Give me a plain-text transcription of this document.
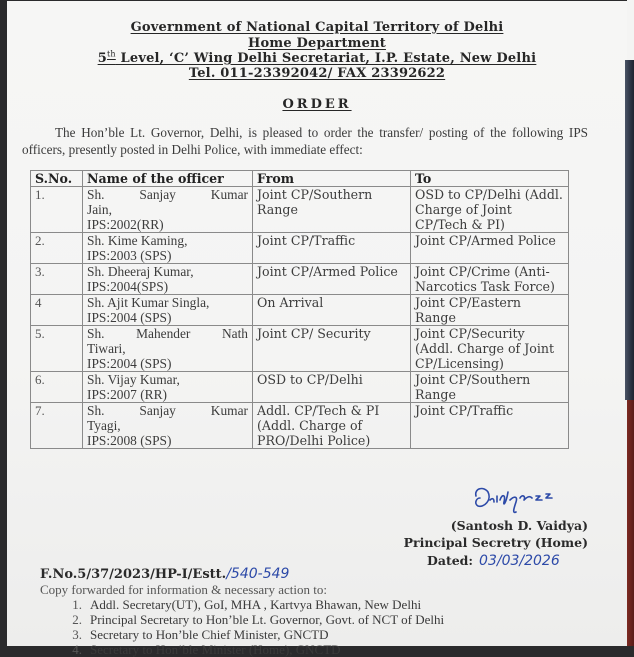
Government of National Capital Territory of Delhi
Home Department
5th Level, ‘C’ Wing Delhi Secretariat, I.P. Estate, New Delhi
Tel. 011-23392042/ FAX 23392622
ORDER

The Hon’ble Lt. Governor, Delhi, is pleased to order the transfer/ posting of the following IPS officers, presently posted in Delhi Police, with immediate effect:

S.No.	Name of the officer	From	To
1.	Sh. Sanjay Kumar
Jain,
IPS:2002(RR)	Joint CP/Southern Range	OSD to CP/Delhi (Addl. Charge of Joint CP/Tech & PI)
2.	Sh. Kime Kaming,
IPS:2003 (SPS)	Joint CP/Traffic	Joint CP/Armed Police
3.	Sh. Dheeraj Kumar,
IPS:2004(SPS)	Joint CP/Armed Police	Joint CP/Crime (Anti-Narcotics Task Force)
4	Sh. Ajit Kumar Singla,
IPS:2004 (SPS)	On Arrival	Joint CP/Eastern Range
5.	Sh. Mahender Nath
Tiwari,
IPS:2004 (SPS)	Joint CP/ Security	Joint CP/Security (Addl. Charge of Joint CP/Licensing)
6.	Sh. Vijay Kumar,
IPS:2007 (RR)	OSD to CP/Delhi	Joint CP/Southern Range
7.	Sh. Sanjay Kumar
Tyagi,
IPS:2008 (SPS)	Addl. CP/Tech & PI (Addl. Charge of PRO/Delhi Police)	Joint CP/Traffic
(Santosh D. Vaidya)
Principal Secretry (Home)
Dated: 03/03/2026
F.No.5/37/2023/HP-I/Estt./540-549
Copy forwarded for information & necessary action to:
1. Addl. Secretary(UT), GoI, MHA , Kartvya Bhawan, New Delhi
2. Principal Secretary to Hon’ble Lt. Governor, Govt. of NCT of Delhi
3. Secretary to Hon’ble Chief Minister, GNCTD
4. Secretary to Hon’ble Minister (Home), GNCTD
